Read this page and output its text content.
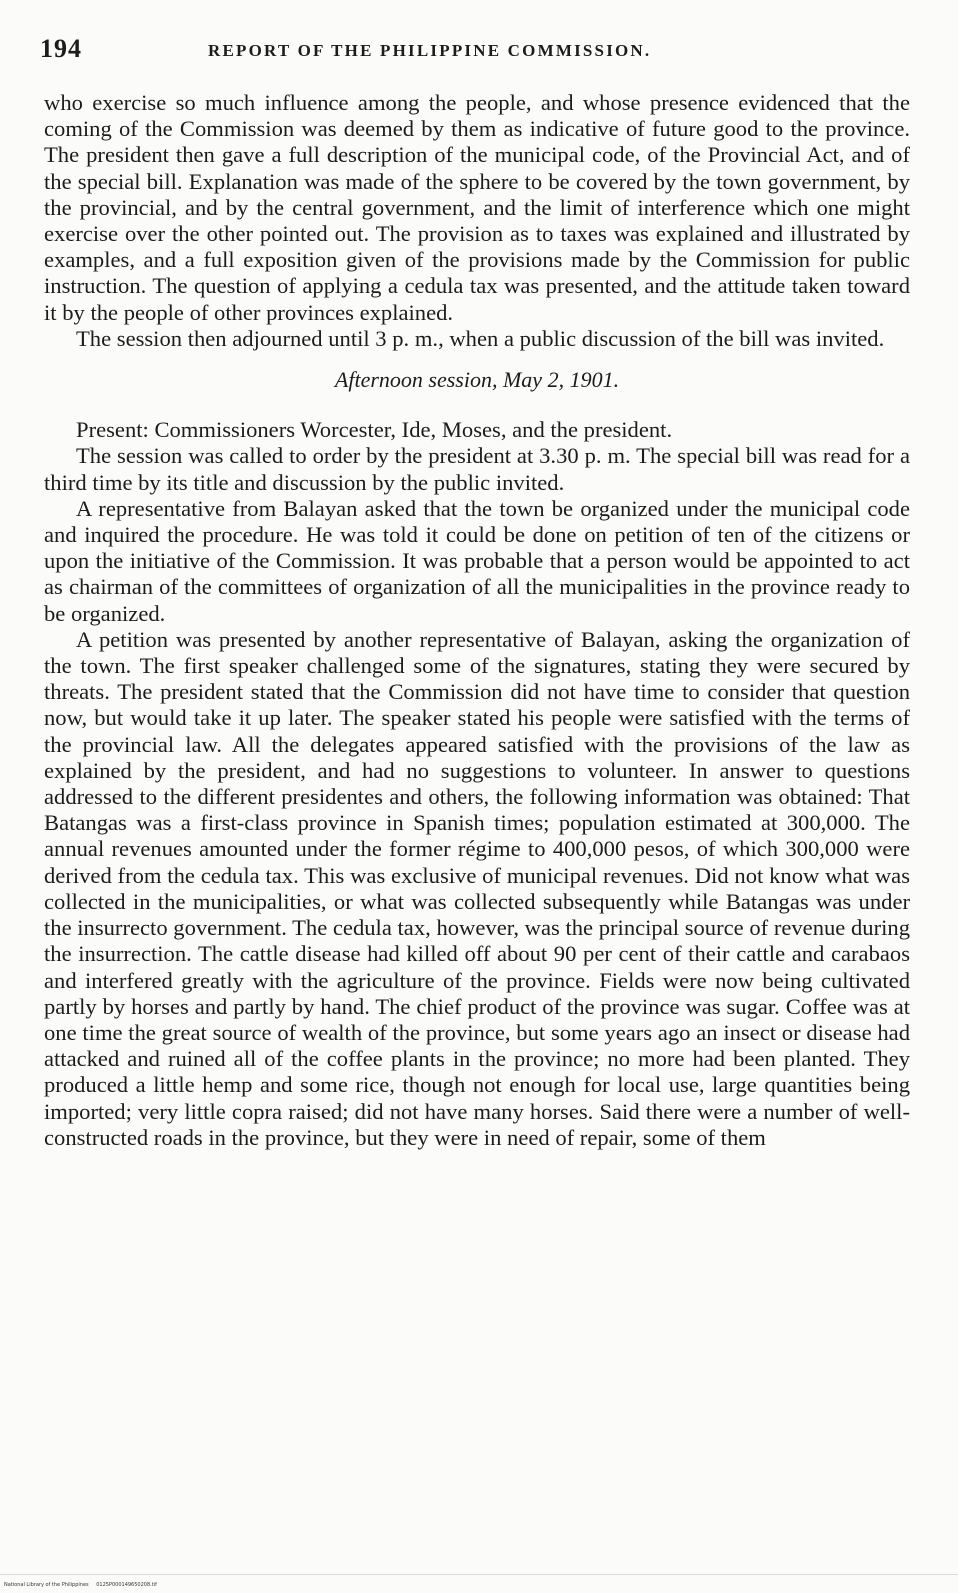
194	REPORT OF THE PHILIPPINE COMMISSION.

who exercise so much influence among the people, and whose presence evidenced that the coming of the Commission was deemed by them as indicative of future good to the province. The president then gave a full description of the municipal code, of the Provincial Act, and of the special bill. Explanation was made of the sphere to be covered by the town government, by the provincial, and by the central government, and the limit of interference which one might exercise over the other pointed out. The provision as to taxes was explained and illustrated by examples, and a full exposition given of the provisions made by the Commission for public instruction. The question of applying a cedula tax was presented, and the attitude taken toward it by the people of other provinces explained.

The session then adjourned until 3 p. m., when a public discussion of the bill was invited.

Afternoon session, May 2, 1901.

Present: Commissioners Worcester, Ide, Moses, and the president.

The session was called to order by the president at 3.30 p. m. The special bill was read for a third time by its title and discussion by the public invited.

A representative from Balayan asked that the town be organized under the municipal code and inquired the procedure. He was told it could be done on petition of ten of the citizens or upon the initiative of the Commission. It was probable that a person would be appointed to act as chairman of the committees of organization of all the municipalities in the province ready to be organized.

A petition was presented by another representative of Balayan, asking the organization of the town. The first speaker challenged some of the signatures, stating they were secured by threats. The president stated that the Commission did not have time to consider that question now, but would take it up later. The speaker stated his people were satisfied with the terms of the provincial law. All the delegates appeared satisfied with the provisions of the law as explained by the president, and had no suggestions to volunteer. In answer to questions addressed to the different presidentes and others, the following information was obtained: That Batangas was a first-class province in Spanish times; population estimated at 300,000. The annual revenues amounted under the former régime to 400,000 pesos, of which 300,000 were derived from the cedula tax. This was exclusive of municipal revenues. Did not know what was collected in the municipalities, or what was collected subsequently while Batangas was under the insurrecto government. The cedula tax, however, was the principal source of revenue during the insurrection. The cattle disease had killed off about 90 per cent of their cattle and carabaos and interfered greatly with the agriculture of the province. Fields were now being cultivated partly by horses and partly by hand. The chief product of the province was sugar. Coffee was at one time the great source of wealth of the province, but some years ago an insect or disease had attacked and ruined all of the coffee plants in the province; no more had been planted. They produced a little hemp and some rice, though not enough for local use, large quantities being imported; very little copra raised; did not have many horses. Said there were a number of well-constructed roads in the province, but they were in need of repair, some of them

National Library of the Philippines 0125P000149650208.tif
